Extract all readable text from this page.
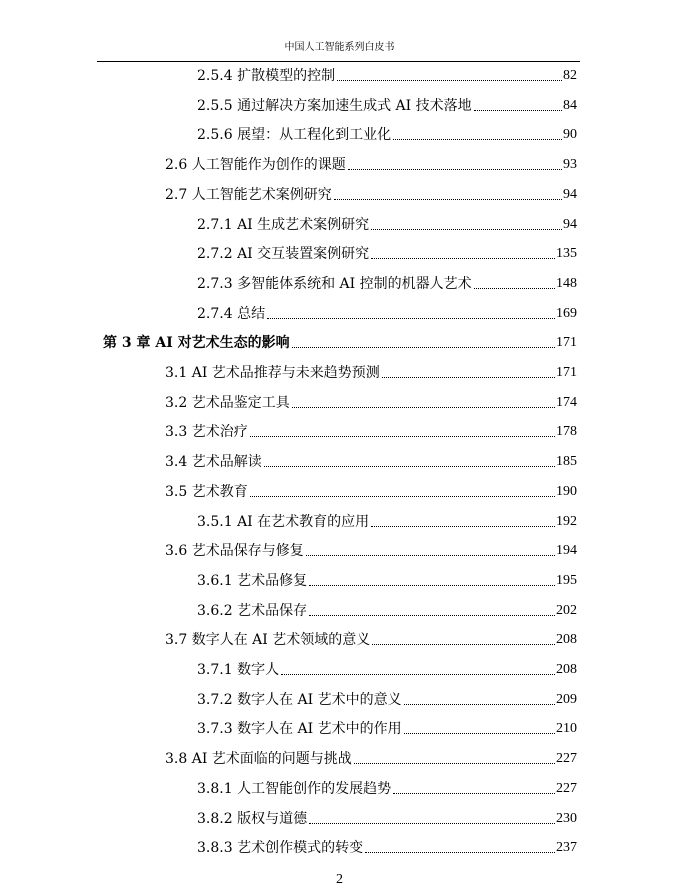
中国人工智能系列白皮书
2.5.4 扩散模型的控制	82
2.5.5 通过解决方案加速生成式 AI 技术落地	84
2.5.6 展望：从工程化到工业化	90
2.6 人工智能作为创作的课题	93
2.7 人工智能艺术案例研究	94
2.7.1 AI 生成艺术案例研究	94
2.7.2 AI 交互装置案例研究	135
2.7.3 多智能体系统和 AI 控制的机器人艺术	148
2.7.4 总结	169
第 3 章 AI 对艺术生态的影响	171
3.1 AI 艺术品推荐与未来趋势预测	171
3.2 艺术品鉴定工具	174
3.3 艺术治疗	178
3.4 艺术品解读	185
3.5 艺术教育	190
3.5.1 AI 在艺术教育的应用	192
3.6 艺术品保存与修复	194
3.6.1 艺术品修复	195
3.6.2 艺术品保存	202
3.7 数字人在 AI 艺术领域的意义	208
3.7.1 数字人	208
3.7.2 数字人在 AI 艺术中的意义	209
3.7.3 数字人在 AI 艺术中的作用	210
3.8 AI 艺术面临的问题与挑战	227
3.8.1 人工智能创作的发展趋势	227
3.8.2 版权与道德	230
3.8.3 艺术创作模式的转变	237
2
